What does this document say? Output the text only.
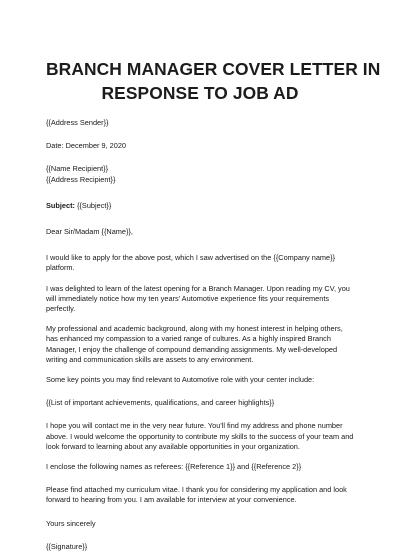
BRANCH MANAGER COVER LETTER IN
RESPONSE TO JOB AD

{{Address Sender}}

Date: December 9, 2020

{{Name Recipient}}

{{Address Recipient}}

Subject: {{Subject}}

Dear Sir/Madam {{Name}},

I would like to apply for the above post, which I saw advertised on the {{Company name}} platform.

I was delighted to learn of the latest opening for a Branch Manager. Upon reading my CV, you will immediately notice how my ten years' Automotive experience fits your requirements perfectly.

My professional and academic background, along with my honest interest in helping others, has enhanced my compassion to a varied range of cultures. As a highly inspired Branch Manager, I enjoy the challenge of compound demanding assignments. My well-developed writing and communication skills are assets to any environment.

Some key points you may find relevant to Automotive role with your center include:

{{List of important achievements, qualifications, and career highlights}}

I hope you will contact me in the very near future. You'll find my address and phone number above. I would welcome the opportunity to contribute my skills to the success of your team and look forward to learning about any available opportunities in your organization.

I enclose the following names as referees: {{Reference 1}} and {{Reference 2}}

Please find attached my curriculum vitae. I thank you for considering my application and look forward to hearing from you. I am available for interview at your convenience.

Yours sincerely

{{Signature}}
